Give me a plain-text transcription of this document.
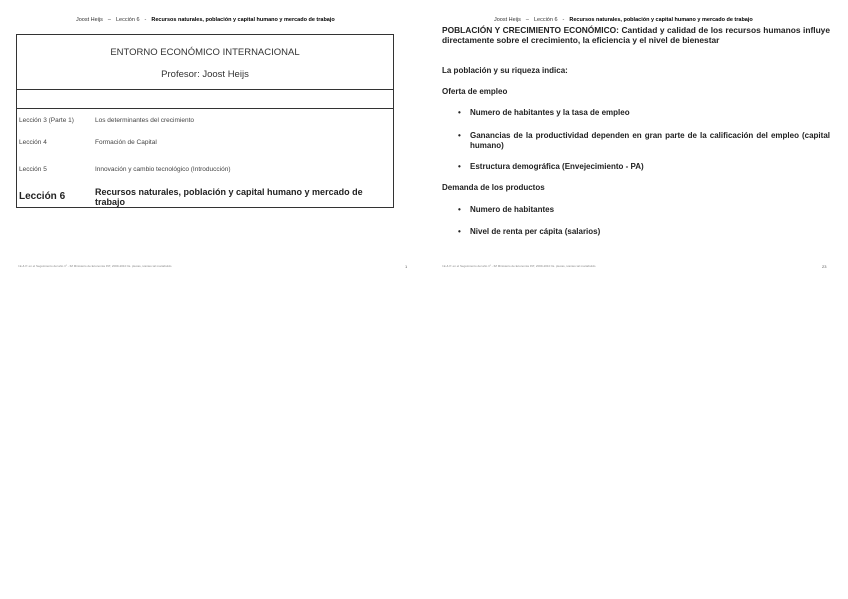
Joost Heijs – Lección 6 - Recursos naturales, población y capital humano y mercado de trabajo
ENTORNO ECONÓMICO INTERNACIONAL
Profesor: Joost Heijs
Lección 3 (Parte 1)	Los determinantes del crecimiento
Lección 4	Formación de Capital
Lección 5	Innovación y cambio tecnológico (Introducción)
Lección 6	Recursos naturales, población y capital humano y mercado de trabajo
I.E.& P. en el Seguimiento del año 1º - IM Ministerio de Economia INT, 2009-2010 Its. plecas, ivantes tal mariabuldo	1
Joost Heijs – Lección 6 - Recursos naturales, población y capital humano y mercado de trabajo
POBLACIÓN Y CRECIMIENTO ECONÓMICO: Cantidad y calidad de los recursos humanos influye directamente sobre el crecimiento, la eficiencia y el nivel de bienestar
La población y su riqueza indica:
Oferta de empleo
• Numero de habitantes y la tasa de empleo
• Ganancias de la productividad dependen en gran parte de la calificación del empleo (capital humano)
• Estructura demográfica (Envejecimiento - PA)
Demanda de los productos
• Numero de habitantes
• Nivel de renta per cápita (salarios)
I.E.& P. en el Seguimiento del año 1º - IM Ministerio de Economia INT, 2009-2010 Its. plecas, ivantes tal mariabuldo	23
